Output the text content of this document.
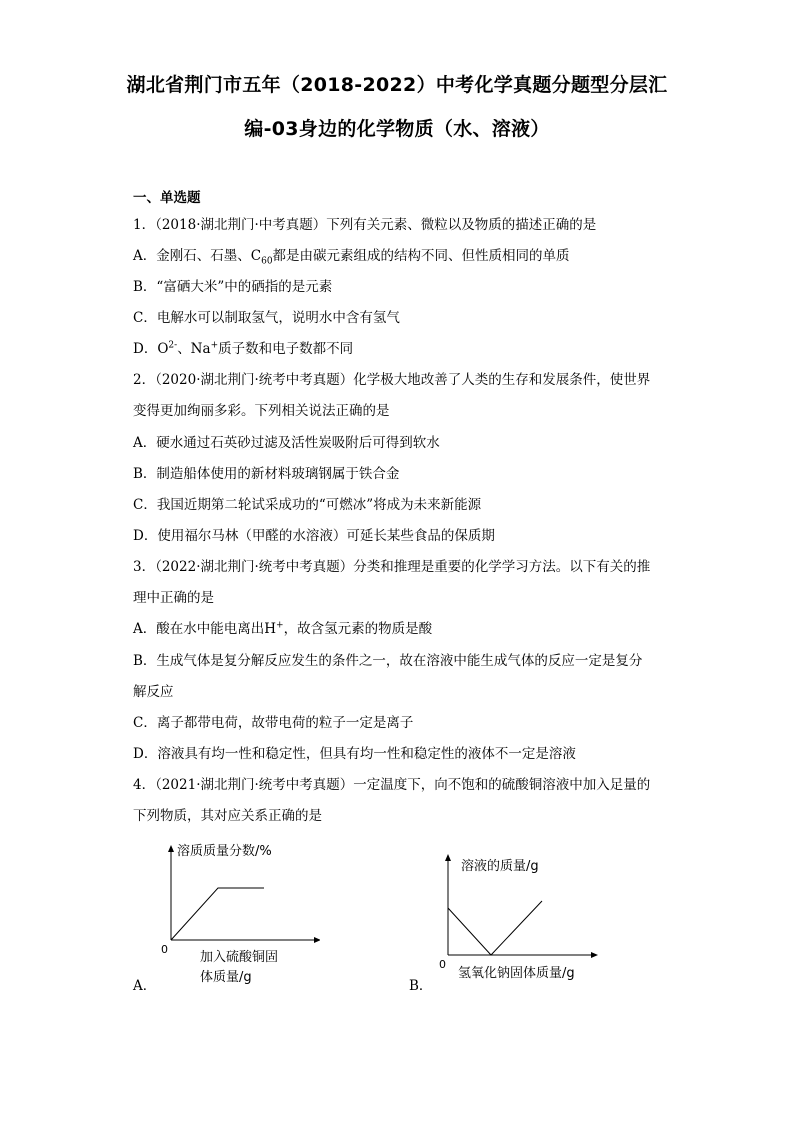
湖北省荆门市五年（2018-2022）中考化学真题分题型分层汇
编-03身边的化学物质（水、溶液）
一、单选题
1．（2018·湖北荆门·中考真题）下列有关元素、微粒以及物质的描述正确的是
A．金刚石、石墨、$C_{60}$都是由碳元素组成的结构不同、但性质相同的单质
B．“富硒大米”中的硒指的是元素
C．电解水可以制取氢气，说明水中含有氢气
D．$O^{2-}$、Na+质子数和电子数都不同
2．（2020·湖北荆门·统考中考真题）化学极大地改善了人类的生存和发展条件，使世界
变得更加绚丽多彩。下列相关说法正确的是
A．硬水通过石英砂过滤及活性炭吸附后可得到软水
B．制造船体使用的新材料玻璃钢属于铁合金
C．我国近期第二轮试采成功的“可燃冰”将成为未来新能源
D．使用福尔马林（甲醛的水溶液）可延长某些食品的保质期
3．（2022·湖北荆门·统考中考真题）分类和推理是重要的化学学习方法。以下有关的推
理中正确的是
A．酸在水中能电离出H+，故含氢元素的物质是酸
B．生成气体是复分解反应发生的条件之一，故在溶液中能生成气体的反应一定是复分
解反应
C．离子都带电荷，故带电荷的粒子一定是离子
D．溶液具有均一性和稳定性，但具有均一性和稳定性的液体不一定是溶液
4．（2021·湖北荆门·统考中考真题）一定温度下，向不饱和的硫酸铜溶液中加入足量的
下列物质，其对应关系正确的是
溶质质量分数/%
0
加入硫酸铜固
体质量/g
A．
溶液的质量/g
0
氢氧化钠固体质量/g
B．
